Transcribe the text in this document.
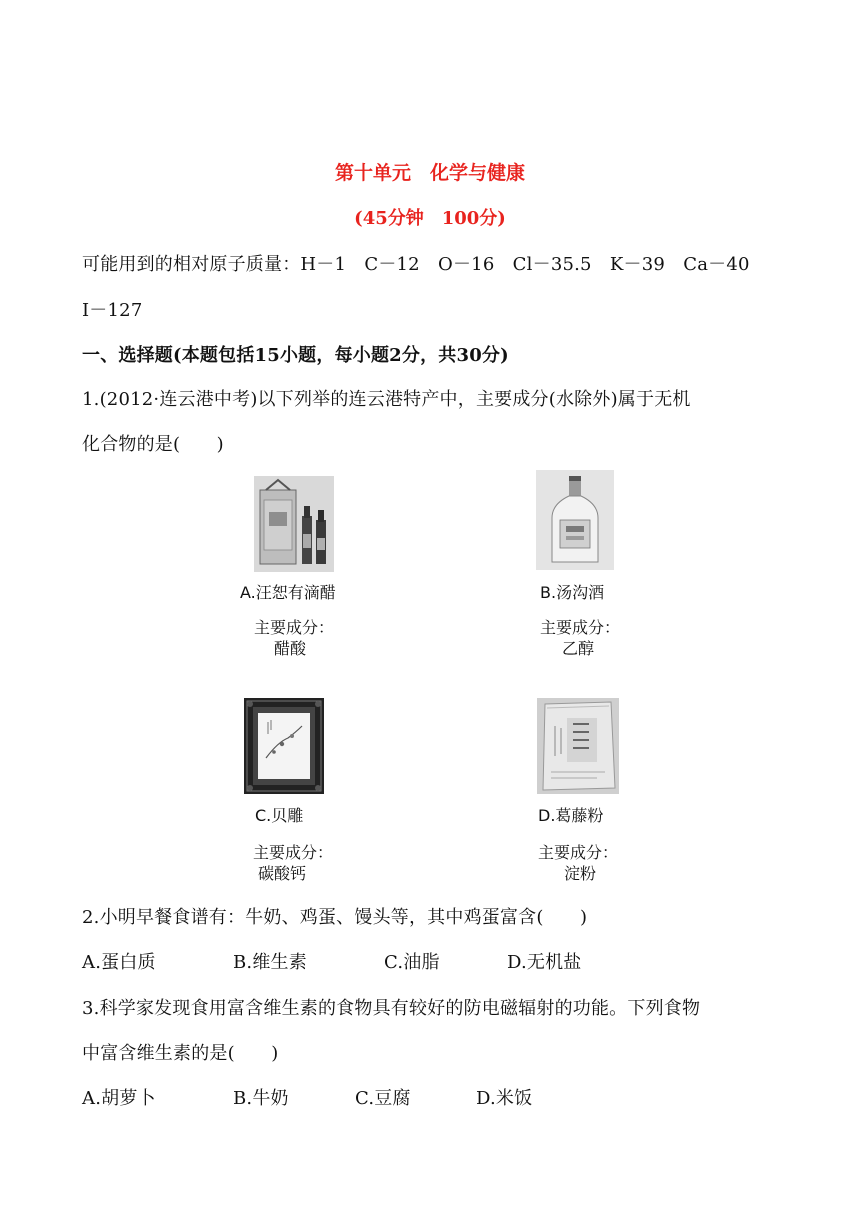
第十单元　化学与健康
(45分钟　100分)
可能用到的相对原子质量：H－1　C－12　O－16　Cl－35.5　K－39　Ca－40
I－127
一、选择题(本题包括15小题，每小题2分，共30分)
1.(2012·连云港中考)以下列举的连云港特产中，主要成分(水除外)属于无机
化合物的是(　　)
A.汪恕有滴醋
主要成分：
醋酸
B.汤沟酒
主要成分：
乙醇
C.贝雕
主要成分：
碳酸钙
D.葛藤粉
主要成分：
淀粉
2.小明早餐食谱有：牛奶、鸡蛋、馒头等，其中鸡蛋富含(　　)
A.蛋白质	B.维生素	C.油脂	D.无机盐
3.科学家发现食用富含维生素的食物具有较好的防电磁辐射的功能。下列食物
中富含维生素的是(　　)
A.胡萝卜	B.牛奶	C.豆腐	D.米饭
